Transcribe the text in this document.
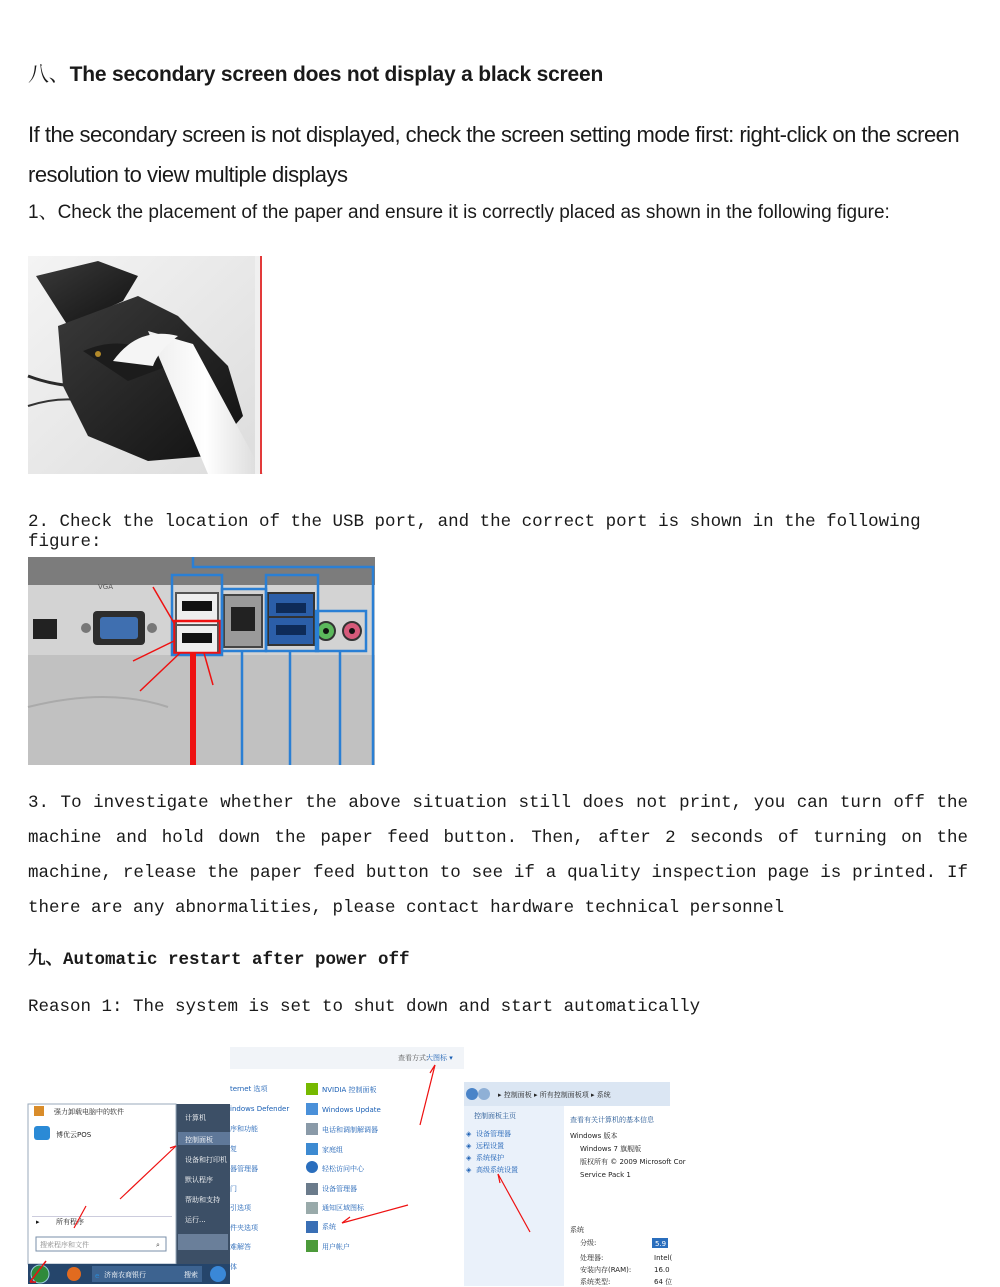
八、The secondary screen does not display a black screen
If the secondary screen is not displayed, check the screen setting mode first: right-click on the screen resolution to view multiple displays
1、Check the placement of the paper and ensure it is correctly placed as shown in the following figure:
2. Check the location of the USB port, and the correct port is shown in the following figure:
VGA
3. To investigate whether the above situation still does not print, you can turn off the machine and hold down the paper feed button. Then, after 2 seconds of turning on the machine, release the paper feed button to see if a quality inspection page is printed. If there are any abnormalities, please contact hardware technical personnel
九、Automatic restart after power off
Reason 1: The system is set to shut down and start automatically
强力卸载电脑中的软件
博优云POS
▸ 所有程序
搜索程序和文件	⌕
计算机
控制面板
设备和打印机
默认程序
帮助和支持
运行...
e 济南农商银行	搜索
查看方式:
大图标 ▾
ternet 选项
indows Defender
序和功能
复
器管理器
门
引选项
件夹选项
难解答
体
NVIDIA 控制面板
Windows Update
电话和调制解调器
家庭组
轻松访问中心
设备管理器
通知区域图标
系统
用户帐户
▸ 控制面板 ▸ 所有控制面板项 ▸ 系统
控制面板主页
◈ 设备管理器
◈ 远程设置
◈ 系统保护
◈ 高级系统设置
查看有关计算机的基本信息
Windows 版本
Windows 7 旗舰版
版权所有 © 2009 Microsoft Cor
Service Pack 1
系统
分级:	5.9
处理器:	Intel(
安装内存(RAM):	16.0
系统类型:	64 位
